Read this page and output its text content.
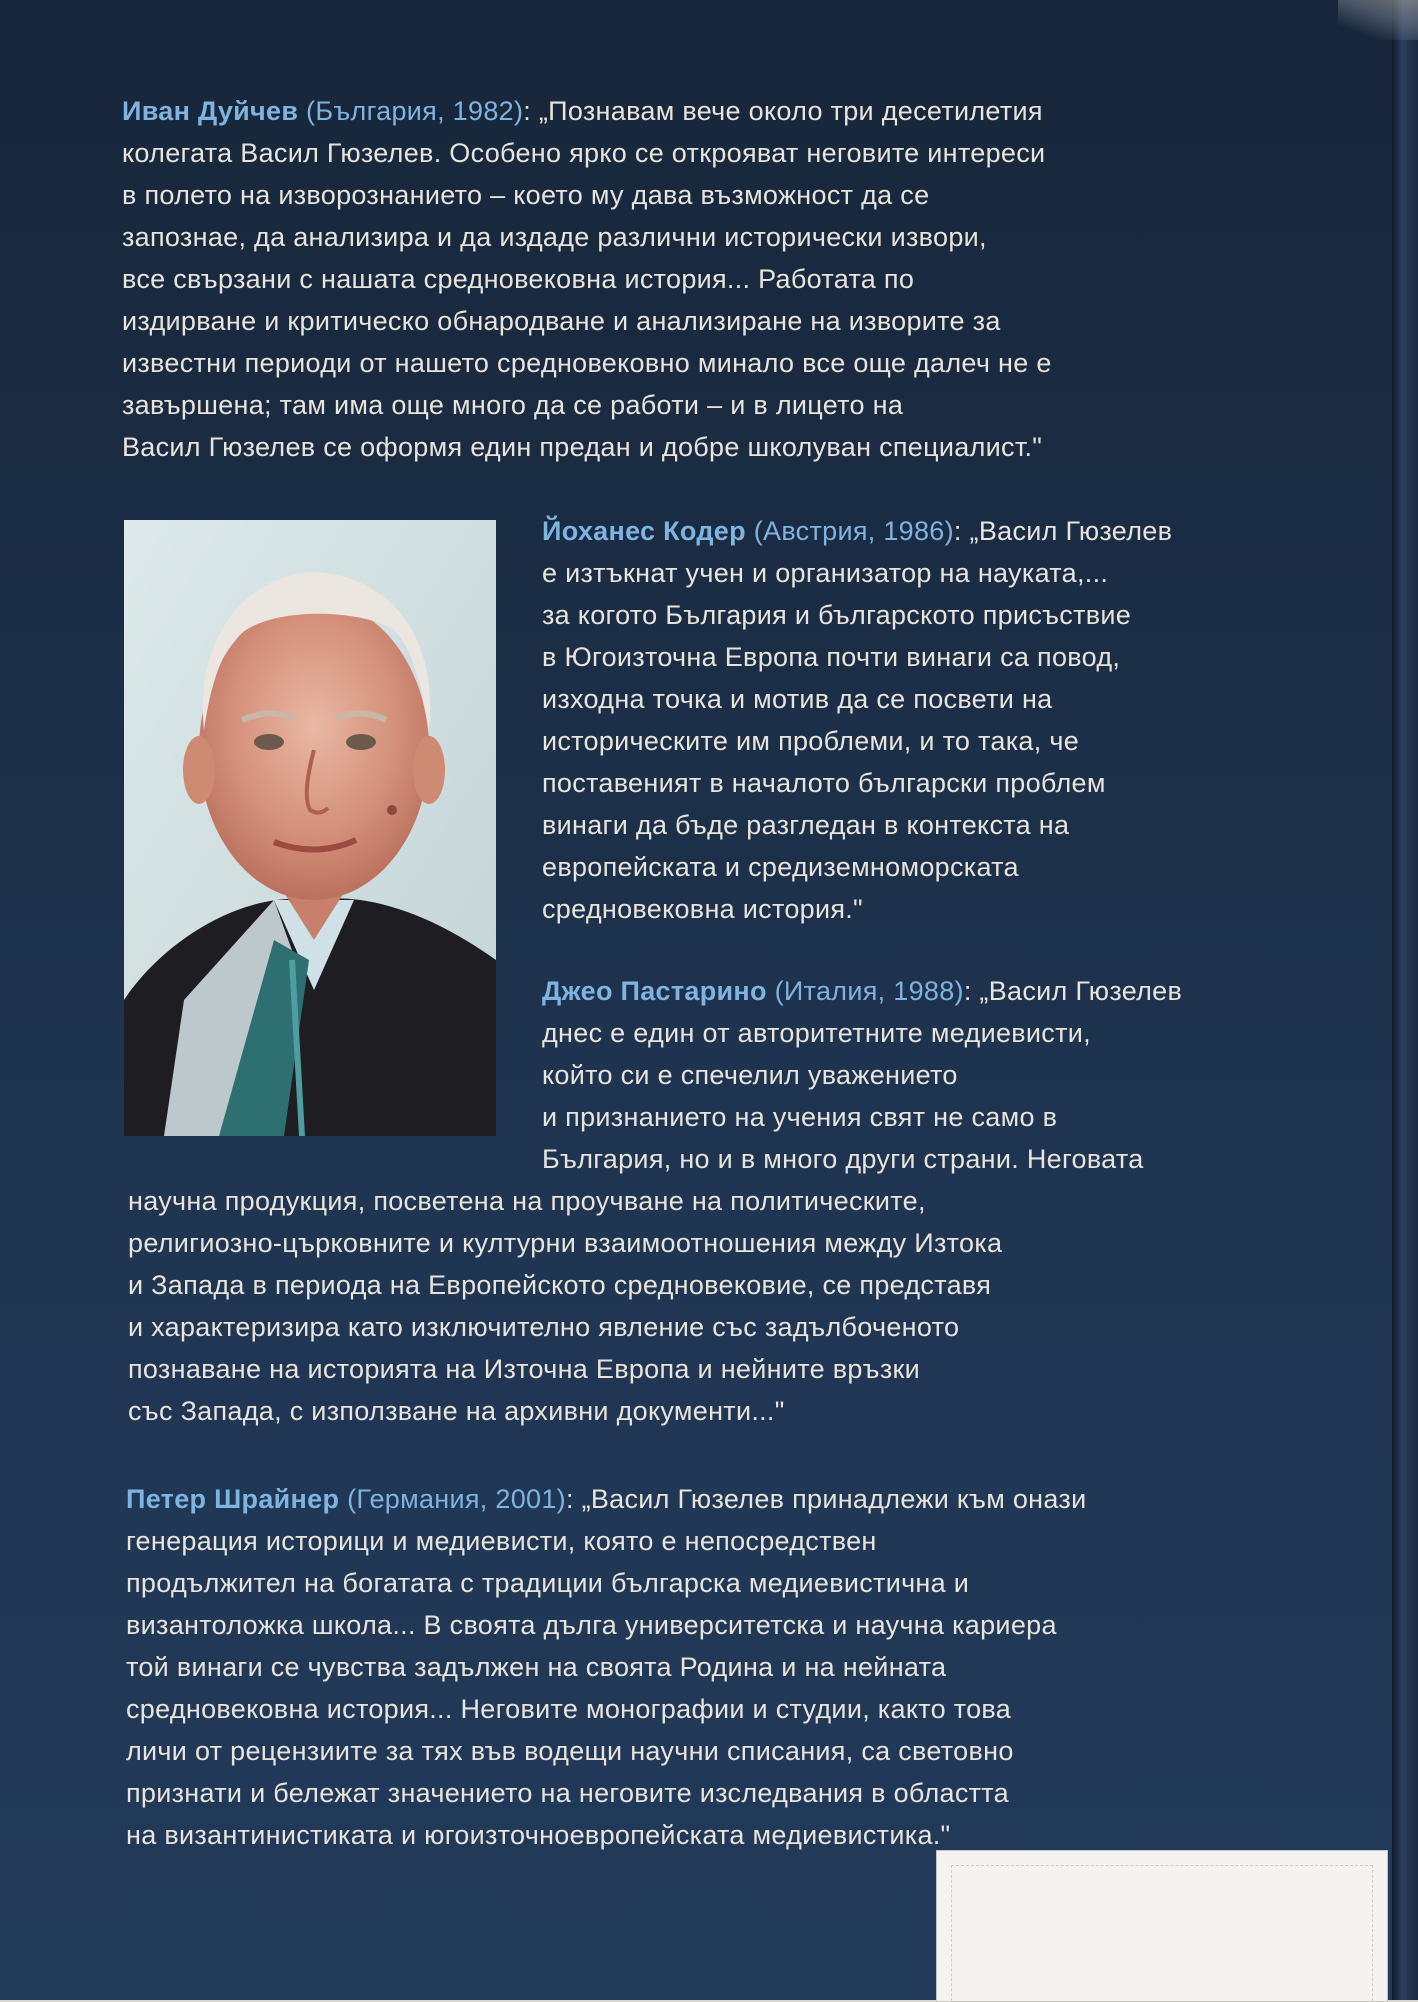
Иван Дуйчев (България, 1982): „Познавам вече около три десетилетия
колегата Васил Гюзелев. Особено ярко се открояват неговите интереси
в полето на изворознанието – което му дава възможност да се
запознае, да анализира и да издаде различни исторически извори,
все свързани с нашата средновековна история... Работата по
издирване и критическо обнародване и анализиране на изворите за
известни периоди от нашето средновековно минало все още далеч не е
завършена; там има още много да се работи – и в лицето на
Васил Гюзелев се оформя един предан и добре школуван специалист."
Йоханес Кодер (Австрия, 1986): „Васил Гюзелев
е изтъкнат учен и организатор на науката,...
за когото България и българското присъствие
в Югоизточна Европа почти винаги са повод,
изходна точка и мотив да се посвети на
историческите им проблеми, и то така, че
поставеният в началото български проблем
винаги да бъде разгледан в контекста на
европейската и средиземноморската
средновековна история."
Джео Пастарино (Италия, 1988): „Васил Гюзелев
днес е един от авторитетните медиевисти,
който си е спечелил уважението
и признанието на учения свят не само в
България, но и в много други страни. Неговата
научна продукция, посветена на проучване на политическите,
религиозно-църковните и културни взаимоотношения между Изтока
и Запада в периода на Европейското средновековие, се представя
и характеризира като изключително явление със задълбоченото
познаване на историята на Източна Европа и нейните връзки
със Запада, с използване на архивни документи..."
Петер Шрайнер (Германия, 2001): „Васил Гюзелев принадлежи към онази
генерация историци и медиевисти, която е непосредствен
продължител на богатата с традиции българска медиевистична и
византоложка школа... В своята дълга университетска и научна кариера
той винаги се чувства задължен на своята Родина и на нейната
средновековна история... Неговите монографии и студии, както това
личи от рецензиите за тях във водещи научни списания, са световно
признати и бележат значението на неговите изследвания в областта
на византинистиката и югоизточноевропейската медиевистика."
